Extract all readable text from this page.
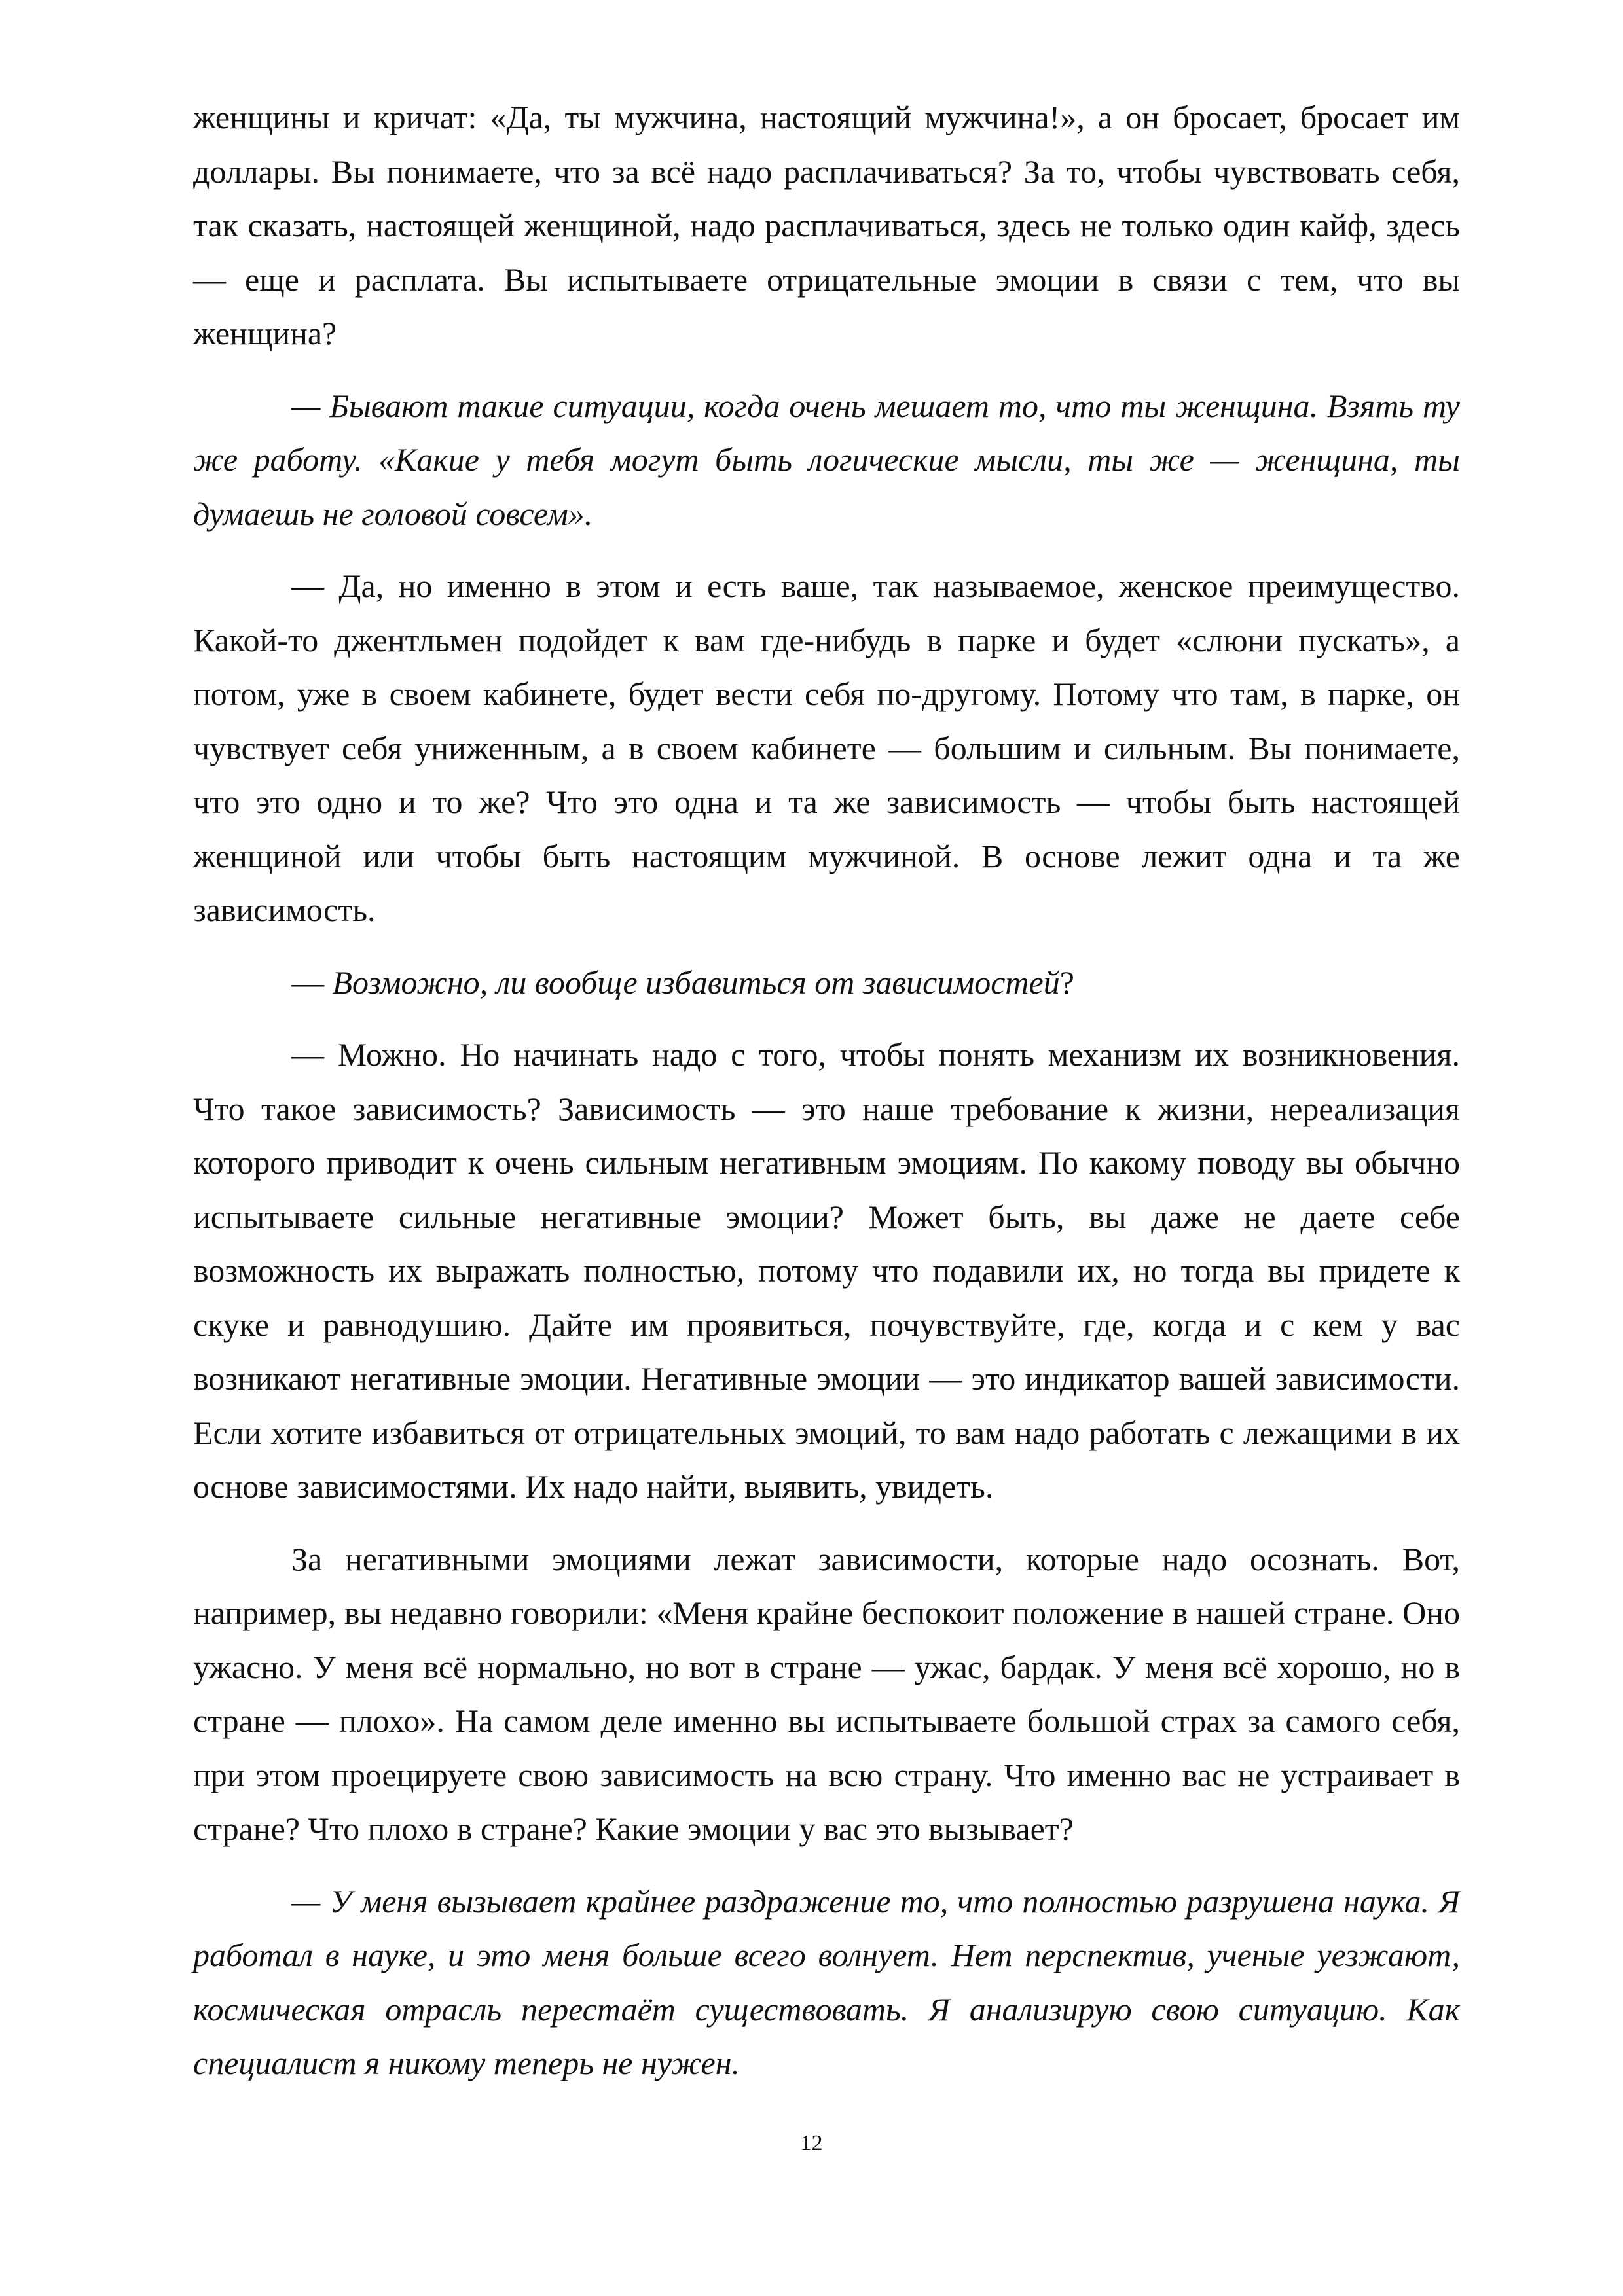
женщины и кричат: «Да, ты мужчина, настоящий мужчина!», а он бросает, бросает им доллары. Вы понимаете, что за всё надо расплачиваться? За то, чтобы чувствовать себя, так сказать, настоящей женщиной, надо расплачиваться, здесь не только один кайф, здесь — еще и расплата. Вы испытываете отрицательные эмоции в связи с тем, что вы женщина?

— Бывают такие ситуации, когда очень мешает то, что ты женщина. Взять ту же работу. «Какие у тебя могут быть логические мысли, ты же — женщина, ты думаешь не головой совсем».

— Да, но именно в этом и есть ваше, так называемое, женское преимущество. Какой-то джентльмен подойдет к вам где-нибудь в парке и будет «слюни пускать», а потом, уже в своем кабинете, будет вести себя по-другому. Потому что там, в парке, он чувствует себя униженным, а в своем кабинете — большим и сильным. Вы понимаете, что это одно и то же? Что это одна и та же зависимость — чтобы быть настоящей женщиной или чтобы быть настоящим мужчиной. В основе лежит одна и та же зависимость.

— Возможно, ли вообще избавиться от зависимостей?

— Можно. Но начинать надо с того, чтобы понять механизм их возникновения. Что такое зависимость? Зависимость — это наше требование к жизни, нереализация которого приводит к очень сильным негативным эмоциям. По какому поводу вы обычно испытываете сильные негативные эмоции? Может быть, вы даже не даете себе возможность их выражать полностью, потому что подавили их, но тогда вы придете к скуке и равнодушию. Дайте им проявиться, почувствуйте, где, когда и с кем у вас возникают негативные эмоции. Негативные эмоции — это индикатор вашей зависимости. Если хотите избавиться от отрицательных эмоций, то вам надо работать с лежащими в их основе зависимостями. Их надо найти, выявить, увидеть.

За негативными эмоциями лежат зависимости, которые надо осознать. Вот, например, вы недавно говорили: «Меня крайне беспокоит положение в нашей стране. Оно ужасно. У меня всё нормально, но вот в стране — ужас, бардак. У меня всё хорошо, но в стране — плохо». На самом деле именно вы испытываете большой страх за самого себя, при этом проецируете свою зависимость на всю страну. Что именно вас не устраивает в стране? Что плохо в стране? Какие эмоции у вас это вызывает?

— У меня вызывает крайнее раздражение то, что полностью разрушена наука. Я работал в науке, и это меня больше всего волнует. Нет перспектив, ученые уезжают, космическая отрасль перестаёт существовать. Я анализирую свою ситуацию. Как специалист я никому теперь не нужен.

12
